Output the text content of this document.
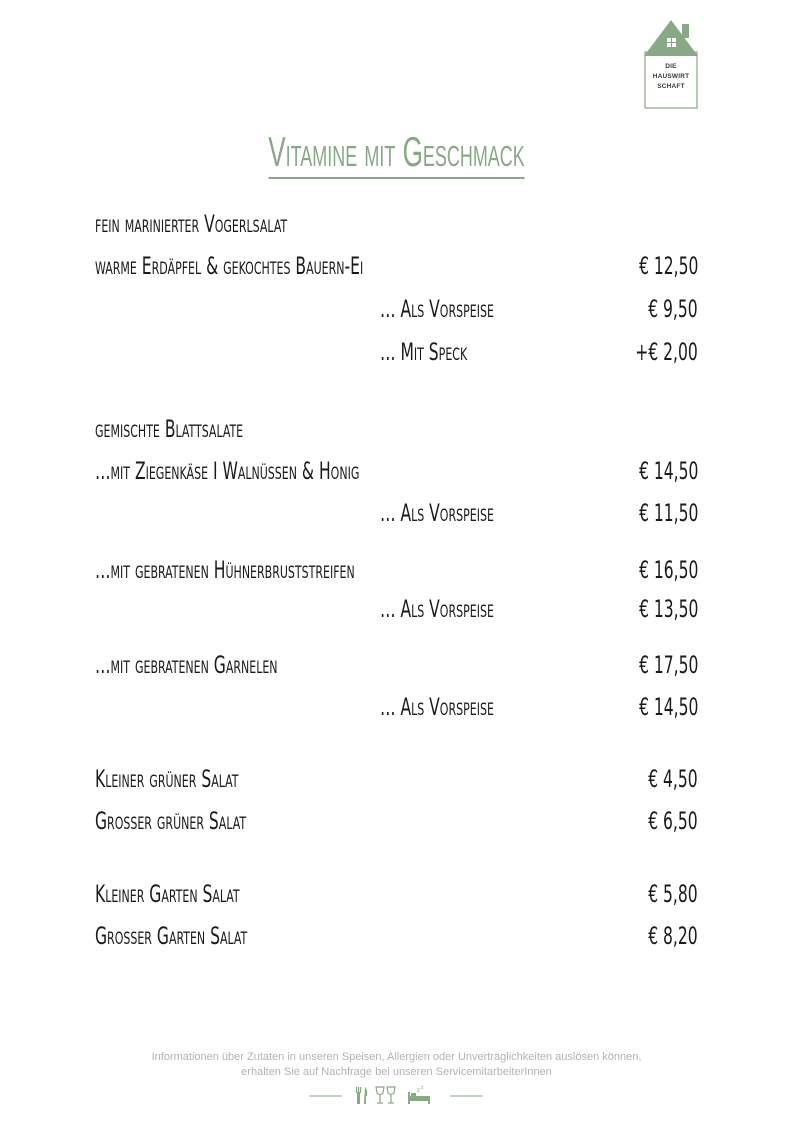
DIE
HAUSWIRT
SCHAFT
Vitamine mit Geschmack
fein marinierter Vogerlsalat
warme Erdäpfel & gekochtes Bauern-Ei	€ 12,50
… Als Vorspeise	€ 9,50
… Mit Speck	+€ 2,00
gemischte Blattsalate
…mit Ziegenkäse I Walnüssen & Honig	€ 14,50
… Als Vorspeise	€ 11,50
…mit gebratenen Hühnerbruststreifen	€ 16,50
… Als Vorspeise	€ 13,50
…mit gebratenen Garnelen	€ 17,50
… Als Vorspeise	€ 14,50
Kleiner grüner Salat	€ 4,50
Großer grüner Salat	€ 6,50
Kleiner Garten Salat	€ 5,80
Großer Garten Salat	€ 8,20
Informationen über Zutaten in unseren Speisen, Allergien oder Unverträglichkeiten auslösen können,
erhalten Sie auf Nachfrage bei unseren ServicemitarbeiterInnen
z z
